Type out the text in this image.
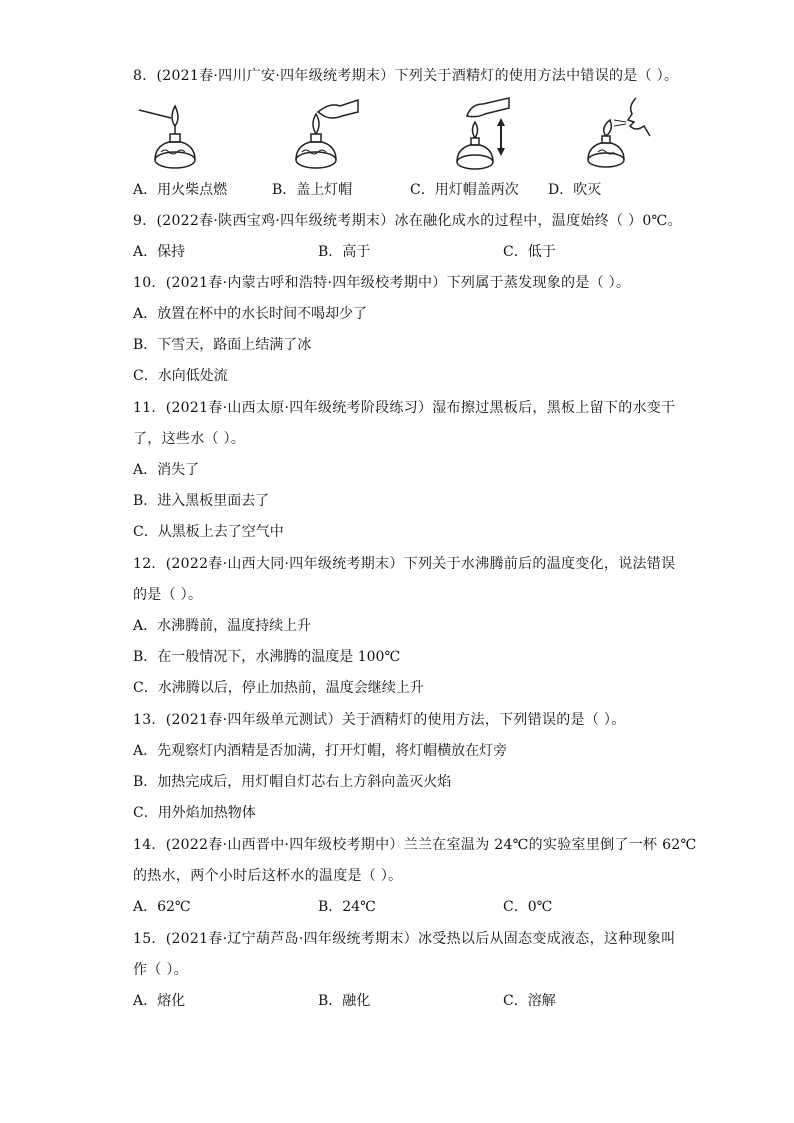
8．(2021春·四川广安·四年级统考期末）下列关于酒精灯的使用方法中错误的是（ ）。
A．用火柴点燃	B．盖上灯帽	C．用灯帽盖两次 D．吹灭
9．(2022春·陕西宝鸡·四年级统考期末）冰在融化成水的过程中，温度始终（ ）0℃。
A．保持	B．高于	C．低于
10．(2021春·内蒙古呼和浩特·四年级校考期中）下列属于蒸发现象的是（ ）。
A．放置在杯中的水长时间不喝却少了
B．下雪天，路面上结满了冰
C．水向低处流
11．(2021春·山西太原·四年级统考阶段练习）湿布擦过黑板后，黑板上留下的水变干
了，这些水（ ）。
A．消失了
B．进入黑板里面去了
C．从黑板上去了空气中
12．(2022春·山西大同·四年级统考期末）下列关于水沸腾前后的温度变化，说法错误
的是（ ）。
A．水沸腾前，温度持续上升
B．在一般情况下，水沸腾的温度是 100℃
C．水沸腾以后，停止加热前，温度会继续上升
13．(2021春·四年级单元测试）关于酒精灯的使用方法，下列错误的是（ ）。
A．先观察灯内酒精是否加满，打开灯帽，将灯帽横放在灯旁
B．加热完成后，用灯帽自灯芯右上方斜向盖灭火焰
C．用外焰加热物体
14．(2022春·山西晋中·四年级校考期中）兰兰在室温为 24℃的实验室里倒了一杯 62℃
的热水，两个小时后这杯水的温度是（ ）。
A．62℃	B．24℃	C．0℃
15．(2021春·辽宁葫芦岛·四年级统考期末）冰受热以后从固态变成液态，这种现象叫
作（ ）。
A．熔化	B．融化	C．溶解
